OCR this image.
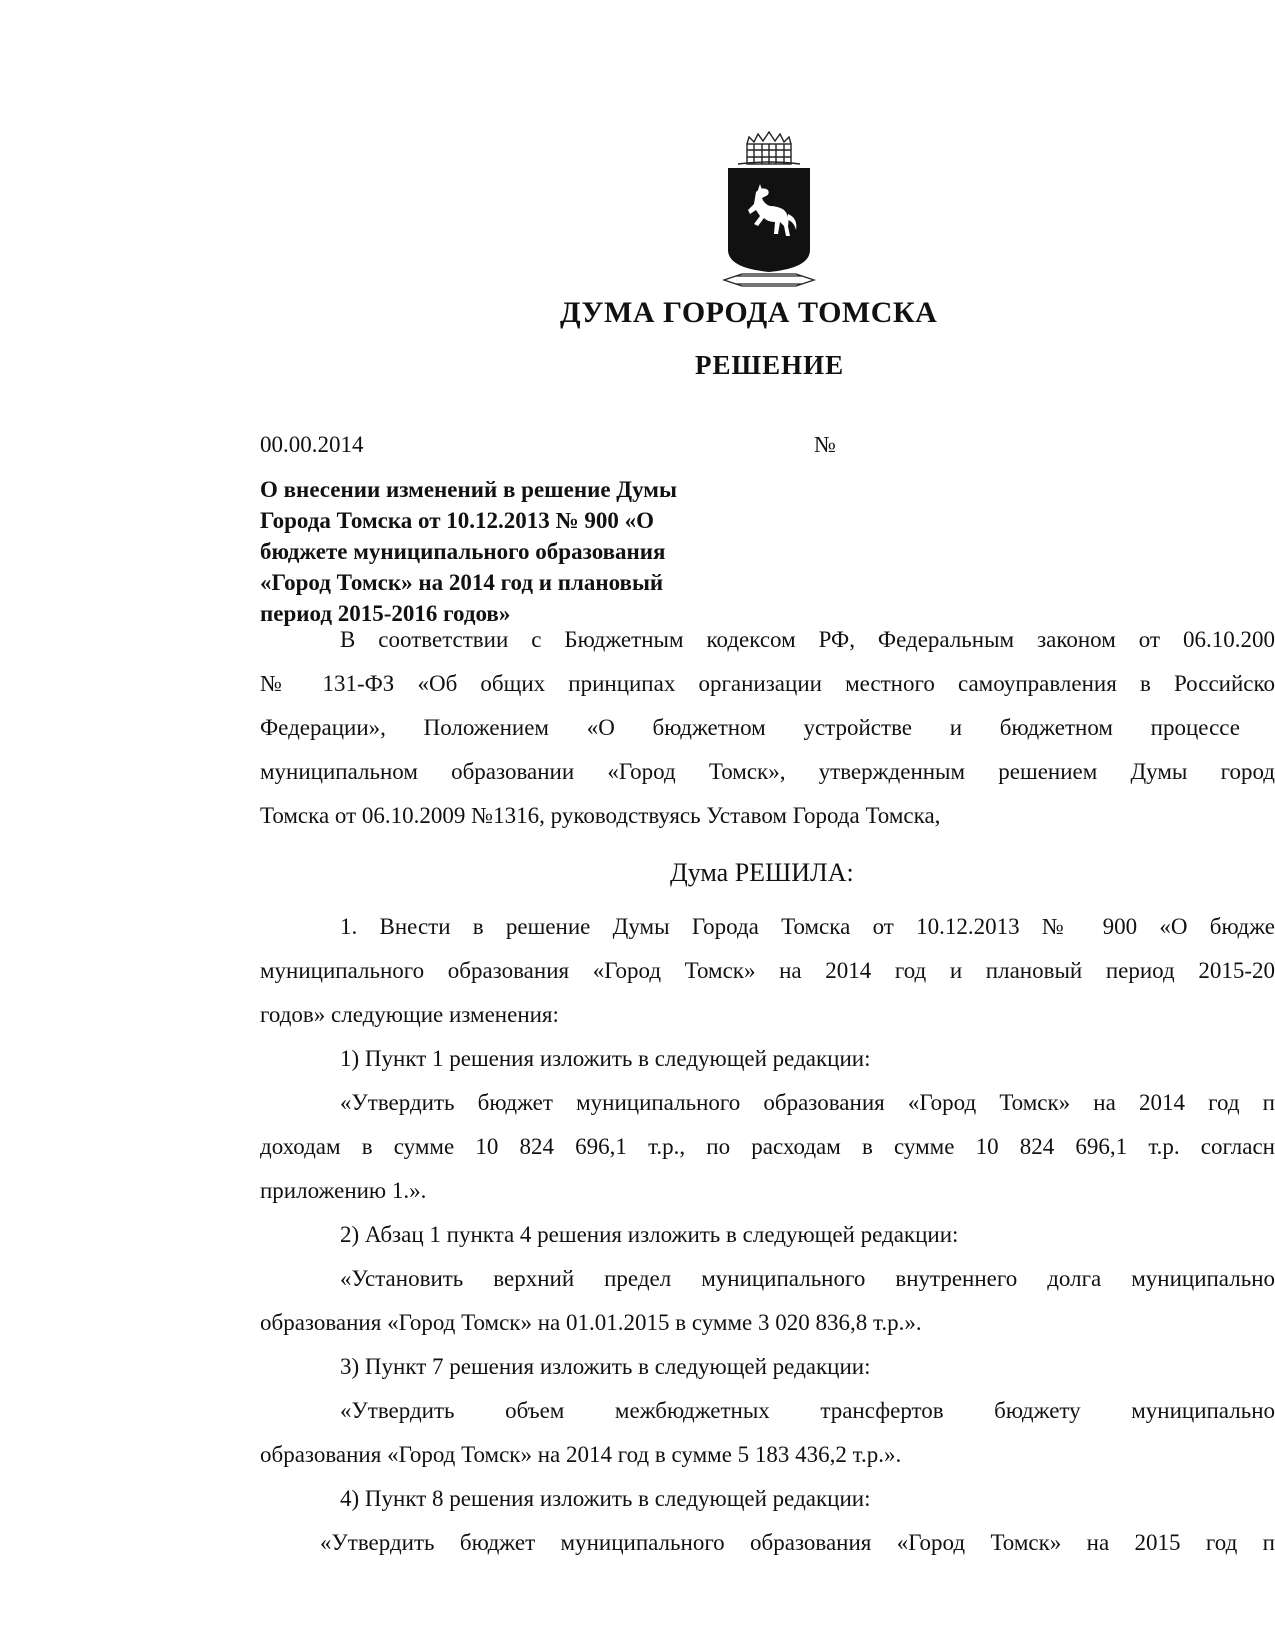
ДУМА ГОРОДА ТОМСКА
РЕШЕНИЕ
00.00.2014	№
О внесении изменений в решение Думы
Города Томска от 10.12.2013 № 900 «О
бюджете муниципального образования
«Город Томск» на 2014 год и плановый
период 2015-2016 годов»
В соответствии с Бюджетным кодексом РФ, Федеральным законом от 06.10.200
№ 131-ФЗ «Об общих принципах организации местного самоуправления в Российско
Федерации», Положением «О бюджетном устройстве и бюджетном процессе
муниципальном образовании «Город Томск», утвержденным решением Думы город
Томска от 06.10.2009 №1316, руководствуясь Уставом Города Томска,
Дума РЕШИЛА:
1. Внести в решение Думы Города Томска от 10.12.2013 № 900 «О бюдже
муниципального образования «Город Томск» на 2014 год и плановый период 2015-20
годов» следующие изменения:
1) Пункт 1 решения изложить в следующей редакции:
«Утвердить бюджет муниципального образования «Город Томск» на 2014 год п
доходам в сумме 10 824 696,1 т.р., по расходам в сумме 10 824 696,1 т.р. согласн
приложению 1.».
2) Абзац 1 пункта 4 решения изложить в следующей редакции:
«Установить верхний предел муниципального внутреннего долга муниципально
образования «Город Томск» на 01.01.2015 в сумме 3 020 836,8 т.р.».
3) Пункт 7 решения изложить в следующей редакции:
«Утвердить объем межбюджетных трансфертов бюджету муниципально
образования «Город Томск» на 2014 год в сумме 5 183 436,2 т.р.».
4) Пункт 8 решения изложить в следующей редакции:
«Утвердить бюджет муниципального образования «Город Томск» на 2015 год п
